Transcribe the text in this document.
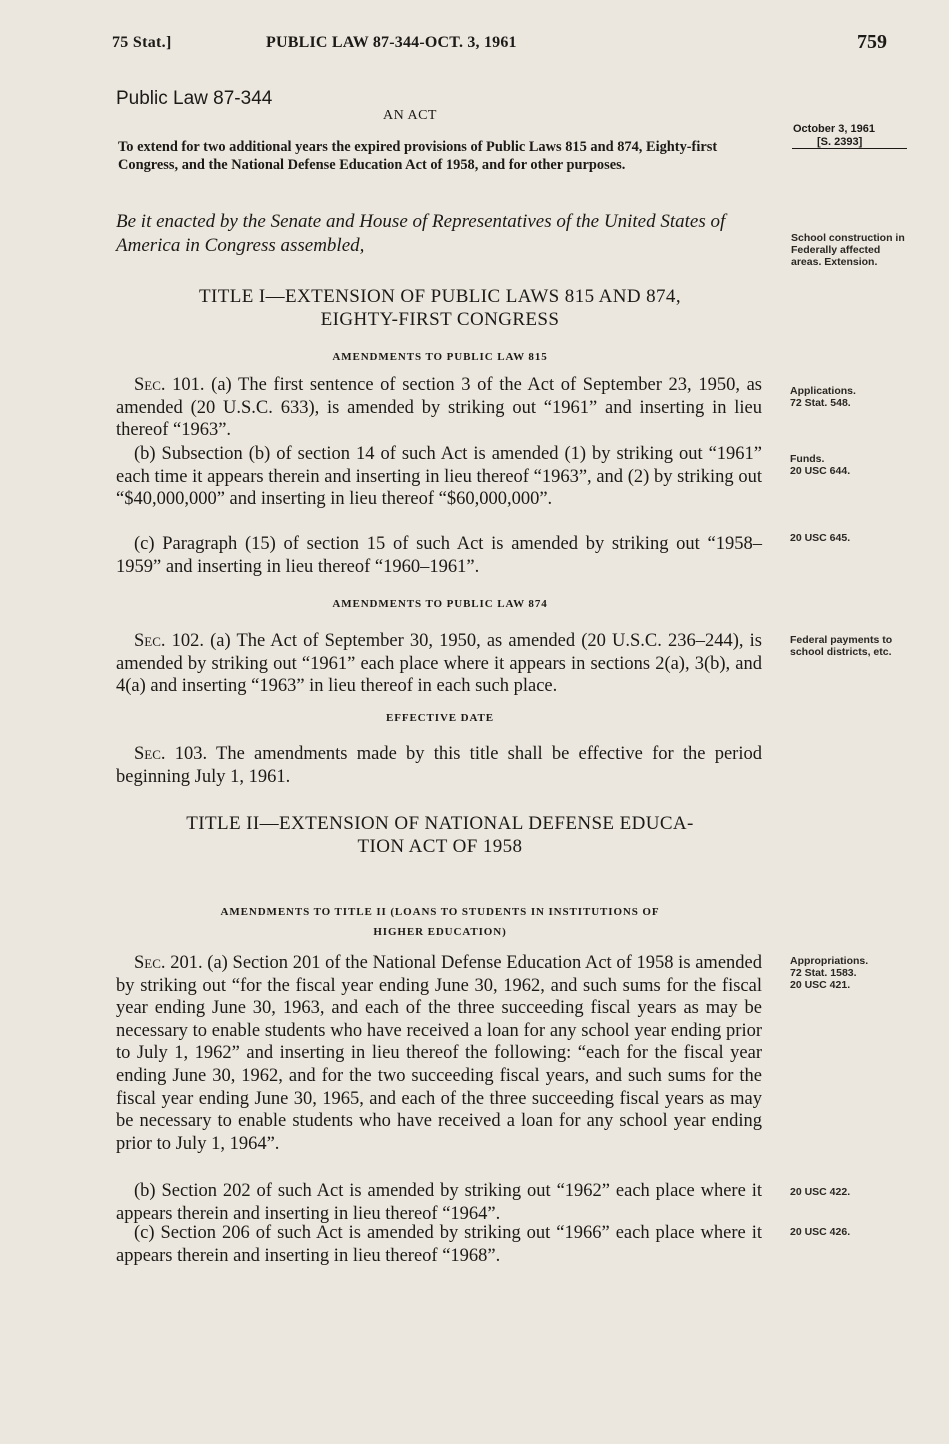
75 Stat.]	PUBLIC LAW 87-344-OCT. 3, 1961	759
Public Law 87-344
AN ACT
October 3, 1961
[S. 2393]
To extend for two additional years the expired provisions of Public Laws 815 and 874, Eighty-first Congress, and the National Defense Education Act of 1958, and for other purposes.
Be it enacted by the Senate and House of Representatives of the United States of America in Congress assembled,	School construction in Federally affected areas. Extension.
TITLE I—EXTENSION OF PUBLIC LAWS 815 AND 874,
EIGHTY-FIRST CONGRESS
AMENDMENTS TO PUBLIC LAW 815
Sec. 101. (a) The first sentence of section 3 of the Act of September 23, 1950, as amended (20 U.S.C. 633), is amended by striking out “1961” and inserting in lieu thereof “1963”.
Applications.
72 Stat. 548.
(b) Subsection (b) of section 14 of such Act is amended (1) by striking out “1961” each time it appears therein and inserting in lieu thereof “1963”, and (2) by striking out “$40,000,000” and inserting in lieu thereof “$60,000,000”.
Funds.
20 USC 644.
(c) Paragraph (15) of section 15 of such Act is amended by striking out “1958–1959” and inserting in lieu thereof “1960–1961”.
20 USC 645.
AMENDMENTS TO PUBLIC LAW 874
Sec. 102. (a) The Act of September 30, 1950, as amended (20 U.S.C. 236–244), is amended by striking out “1961” each place where it appears in sections 2(a), 3(b), and 4(a) and inserting “1963” in lieu thereof in each such place.
Federal payments to school districts, etc.
EFFECTIVE DATE
Sec. 103. The amendments made by this title shall be effective for the period beginning July 1, 1961.
TITLE II—EXTENSION OF NATIONAL DEFENSE EDUCA-
TION ACT OF 1958
AMENDMENTS TO TITLE II (LOANS TO STUDENTS IN INSTITUTIONS OF
HIGHER EDUCATION)
Sec. 201. (a) Section 201 of the National Defense Education Act of 1958 is amended by striking out “for the fiscal year ending June 30, 1962, and such sums for the fiscal year ending June 30, 1963, and each of the three succeeding fiscal years as may be necessary to enable students who have received a loan for any school year ending prior to July 1, 1962” and inserting in lieu thereof the following: “each for the fiscal year ending June 30, 1962, and for the two succeeding fiscal years, and such sums for the fiscal year ending June 30, 1965, and each of the three succeeding fiscal years as may be necessary to enable students who have received a loan for any school year ending prior to July 1, 1964”.
Appropriations.
72 Stat. 1583.
20 USC 421.
(b) Section 202 of such Act is amended by striking out “1962” each place where it appears therein and inserting in lieu thereof “1964”.
20 USC 422.
(c) Section 206 of such Act is amended by striking out “1966” each place where it appears therein and inserting in lieu thereof “1968”.
20 USC 426.
